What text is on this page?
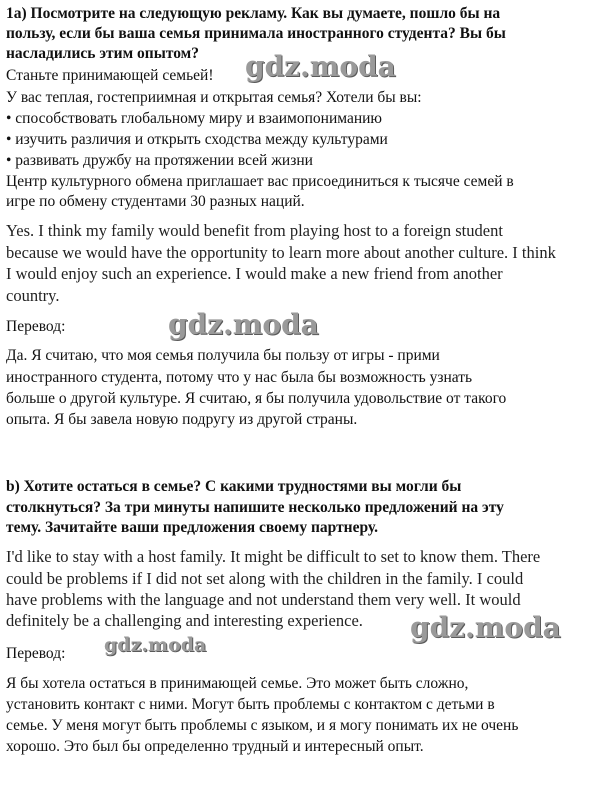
1a) Посмотрите на следующую рекламу. Как вы думаете, пошло бы на
пользу, если бы ваша семья принимала иностранного студента? Вы бы
насладились этим опытом?
Станьте принимающей семьей!
У вас теплая, гостеприимная и открытая семья? Хотели бы вы:
• способствовать глобальному миру и взаимопониманию
• изучить различия и открыть сходства между культурами
• развивать дружбу на протяжении всей жизни
Центр культурного обмена приглашает вас присоединиться к тысяче семей в
игре по обмену студентами 30 разных наций.
Yes. I think my family would benefit from playing host to a foreign student
because we would have the opportunity to learn more about another culture. I think
I would enjoy such an experience. I would make a new friend from another
country.
Перевод:
Да. Я считаю, что моя семья получила бы пользу от игры - прими
иностранного студента, потому что у нас была бы возможность узнать
больше о другой культуре. Я считаю, я бы получила удовольствие от такого
опыта. Я бы завела новую подругу из другой страны.
b) Хотите остаться в семье? С какими трудностями вы могли бы
столкнуться? За три минуты напишите несколько предложений на эту
тему. Зачитайте ваши предложения своему партнеру.
I'd like to stay with a host family. It might be difficult to set to know them. There
could be problems if I did not set along with the children in the family. I could
have problems with the language and not understand them very well. It would
definitely be a challenging and interesting experience.
Перевод:
Я бы хотела остаться в принимающей семье. Это может быть сложно,
установить контакт с ними. Могут быть проблемы с контактом с детьми в
семье. У меня могут быть проблемы с языком, и я могу понимать их не очень
хорошо. Это был бы определенно трудный и интересный опыт.
gdz.moda
gdz.moda
gdz.moda
gdz.moda
